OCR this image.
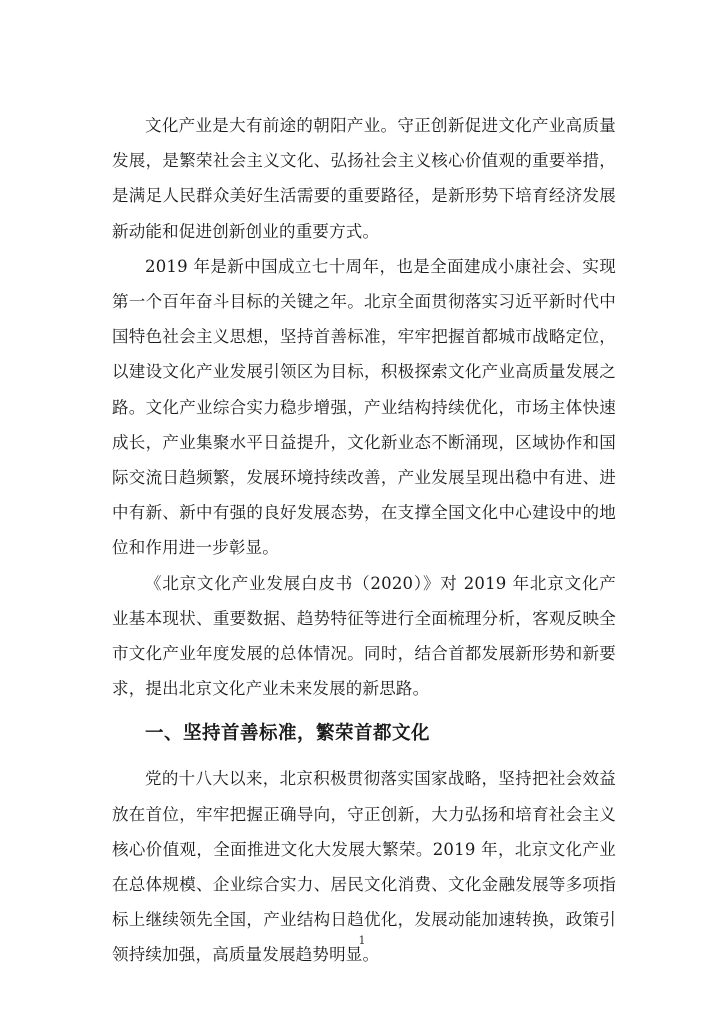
文化产业是大有前途的朝阳产业。守正创新促进文化产业高质量发展，是繁荣社会主义文化、弘扬社会主义核心价值观的重要举措，是满足人民群众美好生活需要的重要路径，是新形势下培育经济发展新动能和促进创新创业的重要方式。

2019 年是新中国成立七十周年，也是全面建成小康社会、实现第一个百年奋斗目标的关键之年。北京全面贯彻落实习近平新时代中国特色社会主义思想，坚持首善标准，牢牢把握首都城市战略定位，以建设文化产业发展引领区为目标，积极探索文化产业高质量发展之路。文化产业综合实力稳步增强，产业结构持续优化，市场主体快速成长，产业集聚水平日益提升，文化新业态不断涌现，区域协作和国际交流日趋频繁，发展环境持续改善，产业发展呈现出稳中有进、进中有新、新中有强的良好发展态势，在支撑全国文化中心建设中的地位和作用进一步彰显。

《北京文化产业发展白皮书（2020）》对 2019 年北京文化产业基本现状、重要数据、趋势特征等进行全面梳理分析，客观反映全市文化产业年度发展的总体情况。同时，结合首都发展新形势和新要求，提出北京文化产业未来发展的新思路。

一、坚持首善标准，繁荣首都文化

党的十八大以来，北京积极贯彻落实国家战略，坚持把社会效益放在首位，牢牢把握正确导向，守正创新，大力弘扬和培育社会主义核心价值观，全面推进文化大发展大繁荣。2019 年，北京文化产业在总体规模、企业综合实力、居民文化消费、文化金融发展等多项指标上继续领先全国，产业结构日趋优化，发展动能加速转换，政策引领持续加强，高质量发展趋势明显。

1
